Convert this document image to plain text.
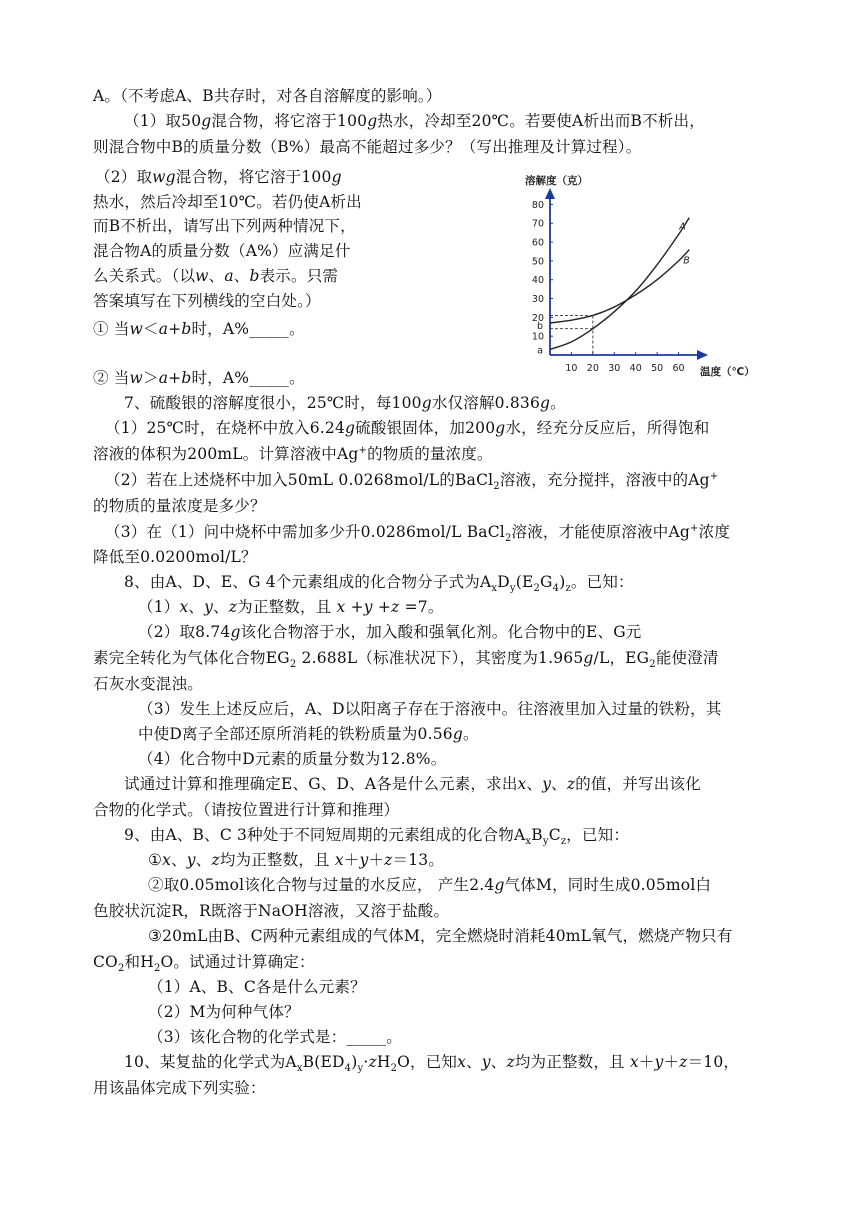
A。（不考虑A、B共存时，对各自溶解度的影响。）
（1）取50g混合物，将它溶于100g热水，冷却至20℃。若要使A析出而B不析出，
则混合物中B的质量分数（B%）最高不能超过多少？（写出推理及计算过程）。
（2）取wg混合物，将它溶于100g
热水，然后冷却至10℃。若仍使A析出
而B不析出，请写出下列两种情况下，
混合物A的质量分数（A%）应满足什
么关系式。（以w、a、b表示。只需
答案填写在下列横线的空白处。）
① 当w＜a+b时，A%_____。
② 当w＞a+b时，A%_____。
7、硫酸银的溶解度很小，25℃时，每100g水仅溶解0.836g。
（1）25℃时，在烧杯中放入6.24g硫酸银固体，加200g水，经充分反应后，所得饱和
溶液的体积为200mL。计算溶液中Ag+的物质的量浓度。
（2）若在上述烧杯中加入50mL 0.0268mol/L的BaCl$_2$溶液，充分搅拌，溶液中的Ag+
的物质的量浓度是多少？
（3）在（1）问中烧杯中需加多少升0.0286mol/L BaCl$_2$溶液，才能使原溶液中Ag+浓度
降低至0.0200mol/L？
8、由A、D、E、G 4个元素组成的化合物分子式为$A_xD_y(E_2G_4)_z$。已知：
（1）x、y、z为正整数，且 x +y +z =7。
（2）取8.74g该化合物溶于水，加入酸和强氧化剂。化合物中的E、G元
素完全转化为气体化合物$EG_2$ 2.688L（标准状况下），其密度为1.965g/L，$EG_2$能使澄清
石灰水变混浊。
（3）发生上述反应后，A、D以阳离子存在于溶液中。往溶液里加入过量的铁粉，其
中使D离子全部还原所消耗的铁粉质量为0.56g。
（4）化合物中D元素的质量分数为12.8%。
试通过计算和推理确定E、G、D、A各是什么元素，求出x、y、z的值，并写出该化
合物的化学式。（请按位置进行计算和推理）
9、由A、B、C 3种处于不同短周期的元素组成的化合物$A_xB_yC_z$，已知：
①x、y、z均为正整数，且 x＋y＋z＝13。
②取0.05mol该化合物与过量的水反应， 产生2.4g气体M，同时生成0.05mol白
色胶状沉淀R，R既溶于NaOH溶液，又溶于盐酸。
③20mL由B、C两种元素组成的气体M，完全燃烧时消耗40mL氧气，燃烧产物只有
$CO_2$和$H_2O$。试通过计算确定：
（1）A、B、C各是什么元素？
（2）M为何种气体？
（3）该化合物的化学式是：_____。
10、某复盐的化学式为$A_xB(ED_4)_y\cdot zH_2O$，已知x、y、z均为正整数，且 x＋y＋z＝10，
用该晶体完成下列实验：
10 20 30 40 50 60
10
20
30
40
50
60
70
80
A
B
a
b
溶解度（克）
温度（℃）
